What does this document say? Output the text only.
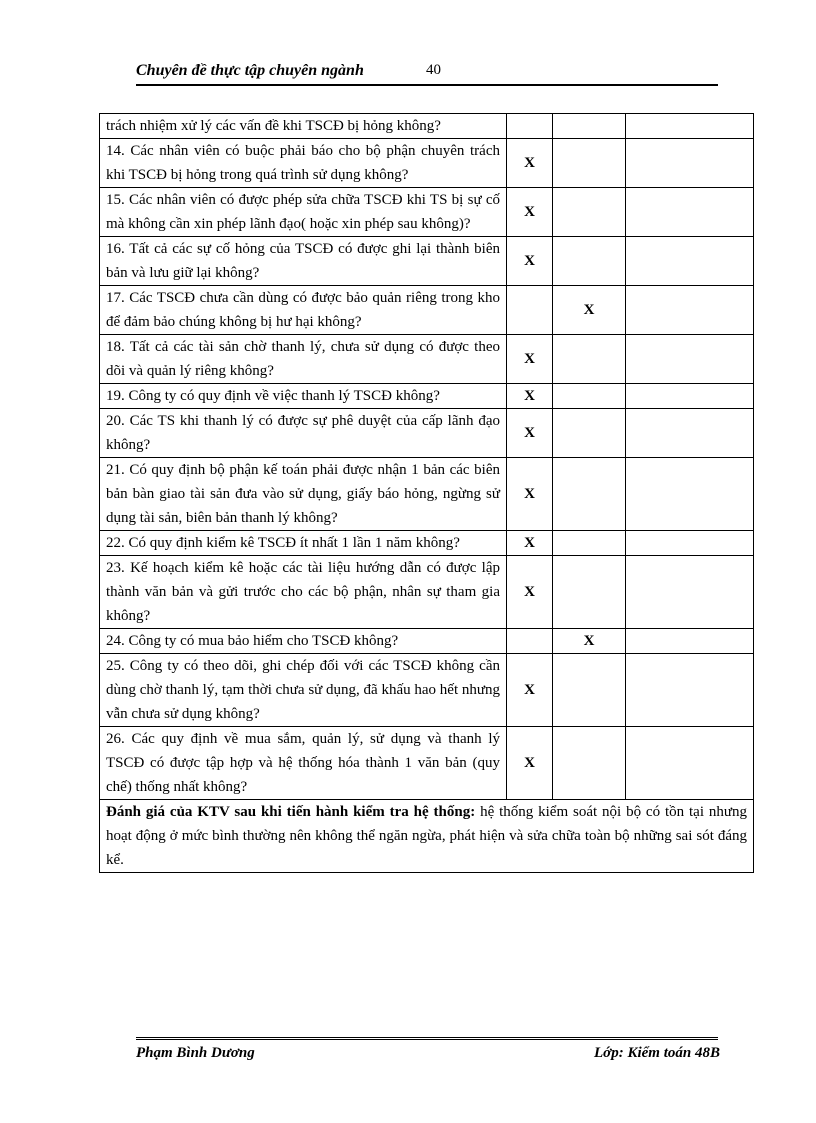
Chuyên đề thực tập chuyên ngành	40
trách nhiệm xử lý các vấn đề khi TSCĐ bị hỏng không?			
14. Các nhân viên có buộc phải báo cho bộ phận chuyên trách khi TSCĐ bị hỏng trong quá trình sử dụng không?	X		
15. Các nhân viên có được phép sửa chữa TSCĐ khi TS bị sự cố mà không cần xin phép lãnh đạo( hoặc xin phép sau không)?	X		
16. Tất cả các sự cố hỏng của TSCĐ có được ghi lại thành biên bản và lưu giữ lại không?	X		
17. Các TSCĐ chưa cần dùng có được bảo quản riêng trong kho để đảm bảo chúng không bị hư hại không?		X	
18. Tất cả các tài sản chờ thanh lý, chưa sử dụng có được theo dõi và quản lý riêng không?	X		
19. Công ty có quy định về việc thanh lý TSCĐ không?	X		
20. Các TS khi thanh lý có được sự phê duyệt của cấp lãnh đạo không?	X		
21. Có quy định bộ phận kế toán phải được nhận 1 bản các biên bản bàn giao tài sản đưa vào sử dụng, giấy báo hỏng, ngừng sử dụng tài sản, biên bản thanh lý không?	X		
22. Có quy định kiểm kê TSCĐ ít nhất 1 lần 1 năm không?	X		
23. Kế hoạch kiểm kê hoặc các tài liệu hướng dẫn có được lập thành văn bản và gửi trước cho các bộ phận, nhân sự tham gia không?	X		
24. Công ty có mua bảo hiểm cho TSCĐ không?		X	
25. Công ty có theo dõi, ghi chép đối với các TSCĐ không cần dùng chờ thanh lý, tạm thời chưa sử dụng, đã khấu hao hết nhưng vẫn chưa sử dụng không?	X		
26. Các quy định về mua sắm, quản lý, sử dụng và thanh lý TSCĐ có được tập hợp và hệ thống hóa thành 1 văn bản (quy chế) thống nhất không?	X		
Đánh giá của KTV sau khi tiến hành kiểm tra hệ thống: hệ thống kiểm soát nội bộ có tồn tại nhưng hoạt động ở mức bình thường nên không thể ngăn ngừa, phát hiện và sửa chữa toàn bộ những sai sót đáng kể.			
Phạm Bình Dương	Lớp: Kiểm toán 48B
